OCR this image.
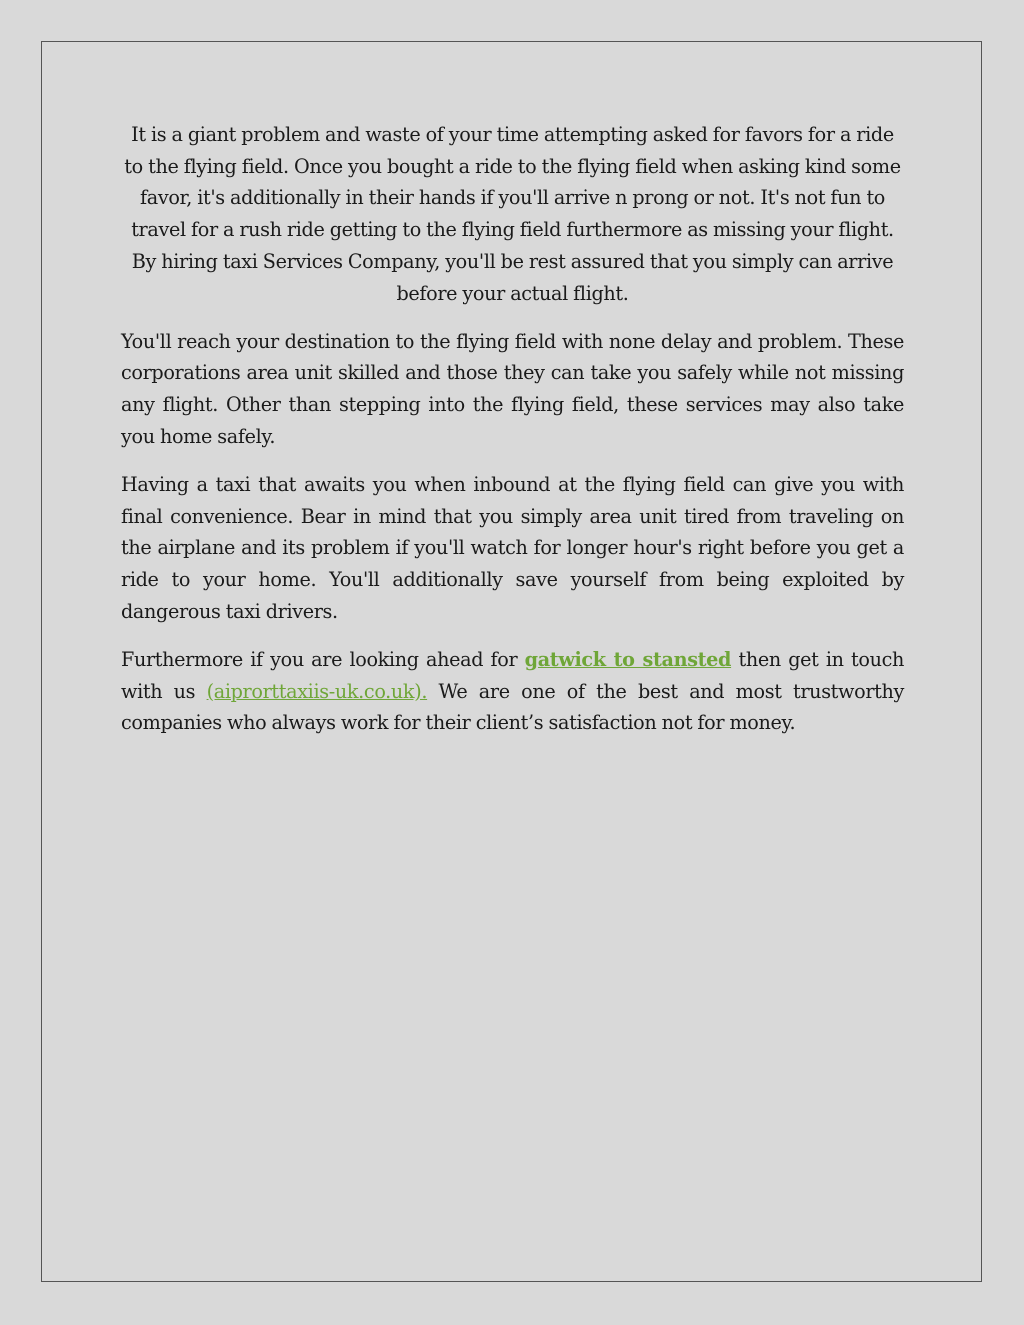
It is a giant problem and waste of your time attempting asked for favors for a ride to the flying field. Once you bought a ride to the flying field when asking kind some favor, it's additionally in their hands if you'll arrive n prong or not. It's not fun to travel for a rush ride getting to the flying field furthermore as missing your flight. By hiring taxi Services Company, you'll be rest assured that you simply can arrive before your actual flight.

You'll reach your destination to the flying field with none delay and problem. These corporations area unit skilled and those they can take you safely while not missing any flight. Other than stepping into the flying field, these services may also take you home safely.

Having a taxi that awaits you when inbound at the flying field can give you with final convenience. Bear in mind that you simply area unit tired from traveling on the airplane and its problem if you'll watch for longer hour's right before you get a ride to your home. You'll additionally save yourself from being exploited by dangerous taxi drivers.

Furthermore if you are looking ahead for gatwick to stansted then get in touch with us (aiprorttaxiis-uk.co.uk). We are one of the best and most trustworthy companies who always work for their client’s satisfaction not for money.
